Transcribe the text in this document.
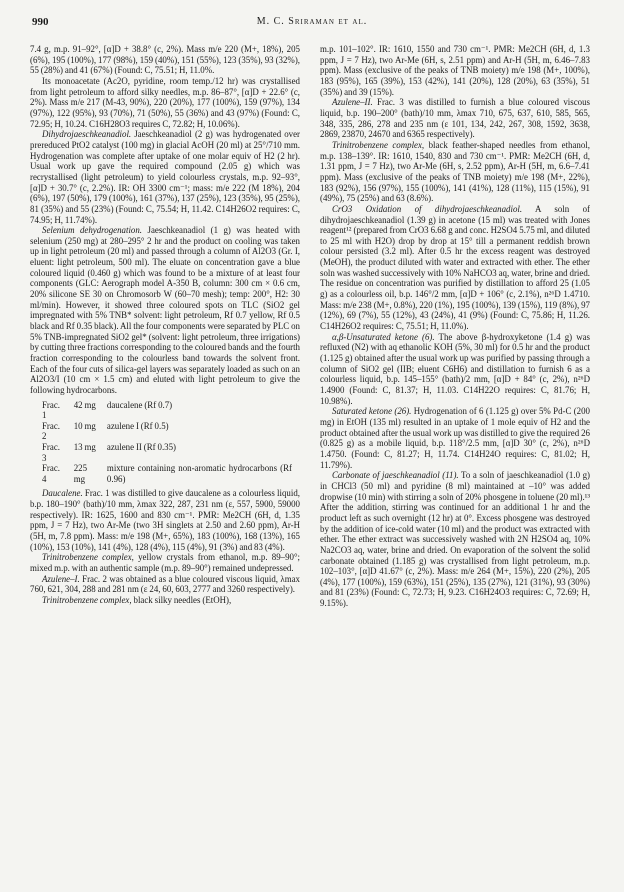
990	M. C. Sriraman et al.

7.4 g, m.p. 91–92°, [α]D + 38.8° (c, 2%). Mass m/e 220 (M+, 18%), 205 (6%), 195 (100%), 177 (98%), 159 (40%), 151 (55%), 123 (35%), 93 (32%), 55 (28%) and 41 (67%) (Found: C, 75.51; H, 11.0%.

Its monoacetate (Ac2O, pyridine, room temp./12 hr) was crystallised from light petroleum to afford silky needles, m.p. 86–87°, [α]D + 22.6° (c, 2%). Mass m/e 217 (M-43, 90%), 220 (20%), 177 (100%), 159 (97%), 134 (97%), 122 (95%), 93 (70%), 71 (50%), 55 (36%) and 43 (97%) (Found: C, 72.95; H, 10.24. C16H28O3 requires C, 72.82; H, 10.06%).

Dihydrojaeschkeanadiol. Jaeschkeanadiol (2 g) was hydrogenated over prereduced PtO2 catalyst (100 mg) in glacial AcOH (20 ml) at 25°/710 mm. Hydrogenation was complete after uptake of one molar equiv of H2 (2 hr). Usual work up gave the required compound (2.05 g) which was recrystallised (light petroleum) to yield colourless crystals, m.p. 92–93°, [α]D + 30.7° (c, 2.2%). IR: OH 3300 cm⁻¹; mass: m/e 222 (M 18%), 204 (6%), 197 (50%), 179 (100%), 161 (37%), 137 (25%), 123 (35%), 95 (25%), 81 (35%) and 55 (23%) (Found: C, 75.54; H, 11.42. C14H26O2 requires: C, 74.95; H, 11.74%).

Selenium dehydrogenation. Jaeschkeanadiol (1 g) was heated with selenium (250 mg) at 280–295° 2 hr and the product on cooling was taken up in light petroleum (20 ml) and passed through a column of Al2O3 (Gr. I, eluent: light petroleum, 500 ml). The eluate on concentration gave a blue coloured liquid (0.460 g) which was found to be a mixture of at least four components (GLC: Aerograph model A-350 B, column: 300 cm × 0.6 cm, 20% silicone SE 30 on Chromosorb W (60–70 mesh); temp: 200°, H2: 30 ml/min). However, it showed three coloured spots on TLC (SiO2 gel impregnated with 5% TNB* solvent: light petroleum, Rf 0.7 yellow, Rf 0.5 black and Rf 0.35 black). All the four components were separated by PLC on 5% TNB-impregnated SiO2 gel* (solvent: light petroleum, three irrigations) by cutting three fractions corresponding to the coloured bands and the fourth fraction corresponding to the colourless band towards the solvent front. Each of the four cuts of silica-gel layers was separately loaded as such on an Al2O3/I (10 cm × 1.5 cm) and eluted with light petroleum to give the following hydrocarbons.

Frac. 1	42 mg	daucalene (Rf 0.7)
Frac. 2	10 mg	azulene I (Rf 0.5)
Frac. 3	13 mg	azulene II (Rf 0.35)
Frac. 4	225 mg	mixture containing non-aromatic hydrocarbons (Rf 0.96)

Daucalene. Frac. 1 was distilled to give daucalene as a colourless liquid, b.p. 180–190° (bath)/10 mm, λmax 322, 287, 231 nm (ε, 557, 5900, 59000 respectively). IR: 1625, 1600 and 830 cm⁻¹. PMR: Me2CH (6H, d, 1.35 ppm, J = 7 Hz), two Ar-Me (two 3H singlets at 2.50 and 2.60 ppm), Ar-H (5H, m, 7.8 ppm). Mass: m/e 198 (M+, 65%), 183 (100%), 168 (13%), 165 (10%), 153 (10%), 141 (4%), 128 (4%), 115 (4%), 91 (3%) and 83 (4%).

Trinitrobenzene complex, yellow crystals from ethanol, m.p. 89–90°; mixed m.p. with an authentic sample (m.p. 89–90°) remained undepressed.

Azulene–I. Frac. 2 was obtained as a blue coloured viscous liquid, λmax 760, 621, 304, 288 and 281 nm (ε 24, 60, 603, 2777 and 3260 respectively).

Trinitrobenzene complex, black silky needles (EtOH),

m.p. 101–102°. IR: 1610, 1550 and 730 cm⁻¹. PMR: Me2CH (6H, d, 1.3 ppm, J = 7 Hz), two Ar-Me (6H, s, 2.51 ppm) and Ar-H (5H, m, 6.46–7.83 ppm). Mass (exclusive of the peaks of TNB moiety) m/e 198 (M+, 100%), 183 (95%), 165 (39%), 153 (42%), 141 (20%), 128 (20%), 63 (35%), 51 (35%) and 39 (15%).

Azulene–II. Frac. 3 was distilled to furnish a blue coloured viscous liquid, b.p. 190–200° (bath)/10 mm, λmax 710, 675, 637, 610, 585, 565, 348, 335, 286, 278 and 235 nm (ε 101, 134, 242, 267, 308, 1592, 3638, 2869, 23870, 24670 and 6365 respectively).

Trinitrobenzene complex, black feather-shaped needles from ethanol, m.p. 138–139°. IR: 1610, 1540, 830 and 730 cm⁻¹. PMR: Me2CH (6H, d, 1.31 ppm, J = 7 Hz), two Ar-Me (6H, s, 2.52 ppm), Ar-H (5H, m, 6.6–7.41 ppm). Mass (exclusive of the peaks of TNB moiety) m/e 198 (M+, 22%), 183 (92%), 156 (97%), 155 (100%), 141 (41%), 128 (11%), 115 (15%), 91 (49%), 75 (25%) and 63 (8.6%).

CrO3 Oxidation of dihydrojaeschkeanadiol. A soln of dihydrojaeschkeanadiol (1.39 g) in acetone (15 ml) was treated with Jones reagent¹² (prepared from CrO3 6.68 g and conc. H2SO4 5.75 ml, and diluted to 25 ml with H2O) drop by drop at 15° till a permanent reddish brown colour persisted (3.2 ml). After 0.5 hr the excess reagent was destroyed (MeOH), the product diluted with water and extracted with ether. The ether soln was washed successively with 10% NaHCO3 aq, water, brine and dried. The residue on concentration was purified by distillation to afford 25 (1.05 g) as a colourless oil, b.p. 146°/2 mm, [α]D + 106° (c, 2.1%), n²⁶D 1.4710. Mass: m/e 238 (M+, 0.8%), 220 (1%), 195 (100%), 139 (15%), 119 (8%), 97 (12%), 69 (7%), 55 (12%), 43 (24%), 41 (9%) (Found: C, 75.86; H, 11.26. C14H26O2 requires: C, 75.51; H, 11.0%).

α,β-Unsaturated ketone (6). The above β-hydroxyketone (1.4 g) was refluxed (N2) with aq ethanolic KOH (5%, 30 ml) for 0.5 hr and the product (1.125 g) obtained after the usual work up was purified by passing through a column of SiO2 gel (IIB; eluent C6H6) and distillation to furnish 6 as a colourless liquid, b.p. 145–155° (bath)/2 mm, [α]D + 84° (c, 2%), n²⁶D 1.4900 (Found: C, 81.37; H, 11.03. C14H22O requires: C, 81.76; H, 10.98%).

Saturated ketone (26). Hydrogenation of 6 (1.125 g) over 5% Pd-C (200 mg) in EtOH (135 ml) resulted in an uptake of 1 mole equiv of H2 and the product obtained after the usual work up was distilled to give the required 26 (0.825 g) as a mobile liquid, b.p. 118°/2.5 mm, [α]D 30° (c, 2%), n²⁶D 1.4750. (Found: C, 81.27; H, 11.74. C14H24O requires: C, 81.02; H, 11.79%).

Carbonate of jaeschkeanadiol (11). To a soln of jaeschkeanadiol (1.0 g) in CHCl3 (50 ml) and pyridine (8 ml) maintained at –10° was added dropwise (10 min) with stirring a soln of 20% phosgene in toluene (20 ml).¹³ After the addition, stirring was continued for an additional 1 hr and the product left as such overnight (12 hr) at 0°. Excess phosgene was destroyed by the addition of ice-cold water (10 ml) and the product was extracted with ether. The ether extract was successively washed with 2N H2SO4 aq, 10% Na2CO3 aq, water, brine and dried. On evaporation of the solvent the solid carbonate obtained (1.185 g) was crystallised from light petroleum, m.p. 102–103°, [α]D 41.67° (c, 2%). Mass: m/e 264 (M+, 15%), 220 (2%), 205 (4%), 177 (100%), 159 (63%), 151 (25%), 135 (27%), 121 (31%), 93 (30%) and 81 (23%) (Found: C, 72.73; H, 9.23. C16H24O3 requires: C, 72.69; H, 9.15%).
